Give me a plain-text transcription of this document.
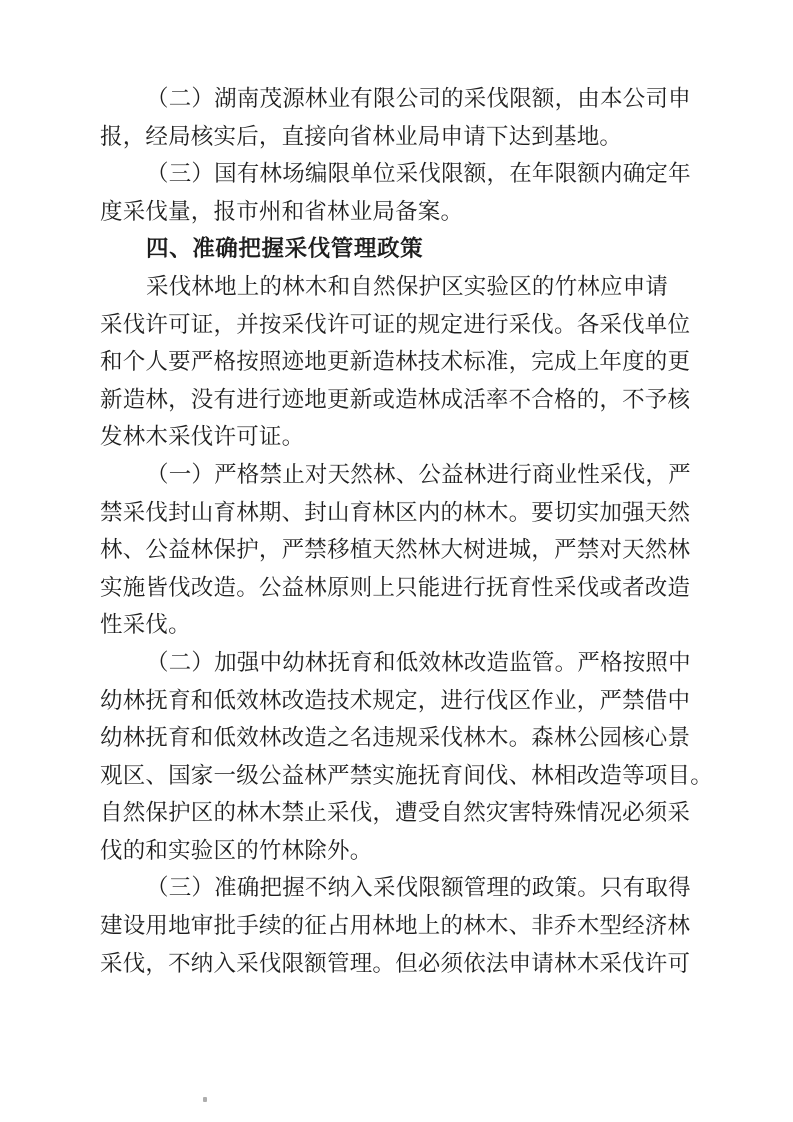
（二）湖南茂源林业有限公司的采伐限额，由本公司申
报，经局核实后，直接向省林业局申请下达到基地。
（三）国有林场编限单位采伐限额，在年限额内确定年
度采伐量，报市州和省林业局备案。
四、准确把握采伐管理政策
采伐林地上的林木和自然保护区实验区的竹林应申请
采伐许可证，并按采伐许可证的规定进行采伐。各采伐单位
和个人要严格按照迹地更新造林技术标准，完成上年度的更
新造林，没有进行迹地更新或造林成活率不合格的，不予核
发林木采伐许可证。
（一）严格禁止对天然林、公益林进行商业性采伐，严
禁采伐封山育林期、封山育林区内的林木。要切实加强天然
林、公益林保护，严禁移植天然林大树进城，严禁对天然林
实施皆伐改造。公益林原则上只能进行抚育性采伐或者改造
性采伐。
（二）加强中幼林抚育和低效林改造监管。严格按照中
幼林抚育和低效林改造技术规定，进行伐区作业，严禁借中
幼林抚育和低效林改造之名违规采伐林木。森林公园核心景
观区、国家一级公益林严禁实施抚育间伐、林相改造等项目。
自然保护区的林木禁止采伐，遭受自然灾害特殊情况必须采
伐的和实验区的竹林除外。
（三）准确把握不纳入采伐限额管理的政策。只有取得
建设用地审批手续的征占用林地上的林木、非乔木型经济林
采伐，不纳入采伐限额管理。但必须依法申请林木采伐许可
